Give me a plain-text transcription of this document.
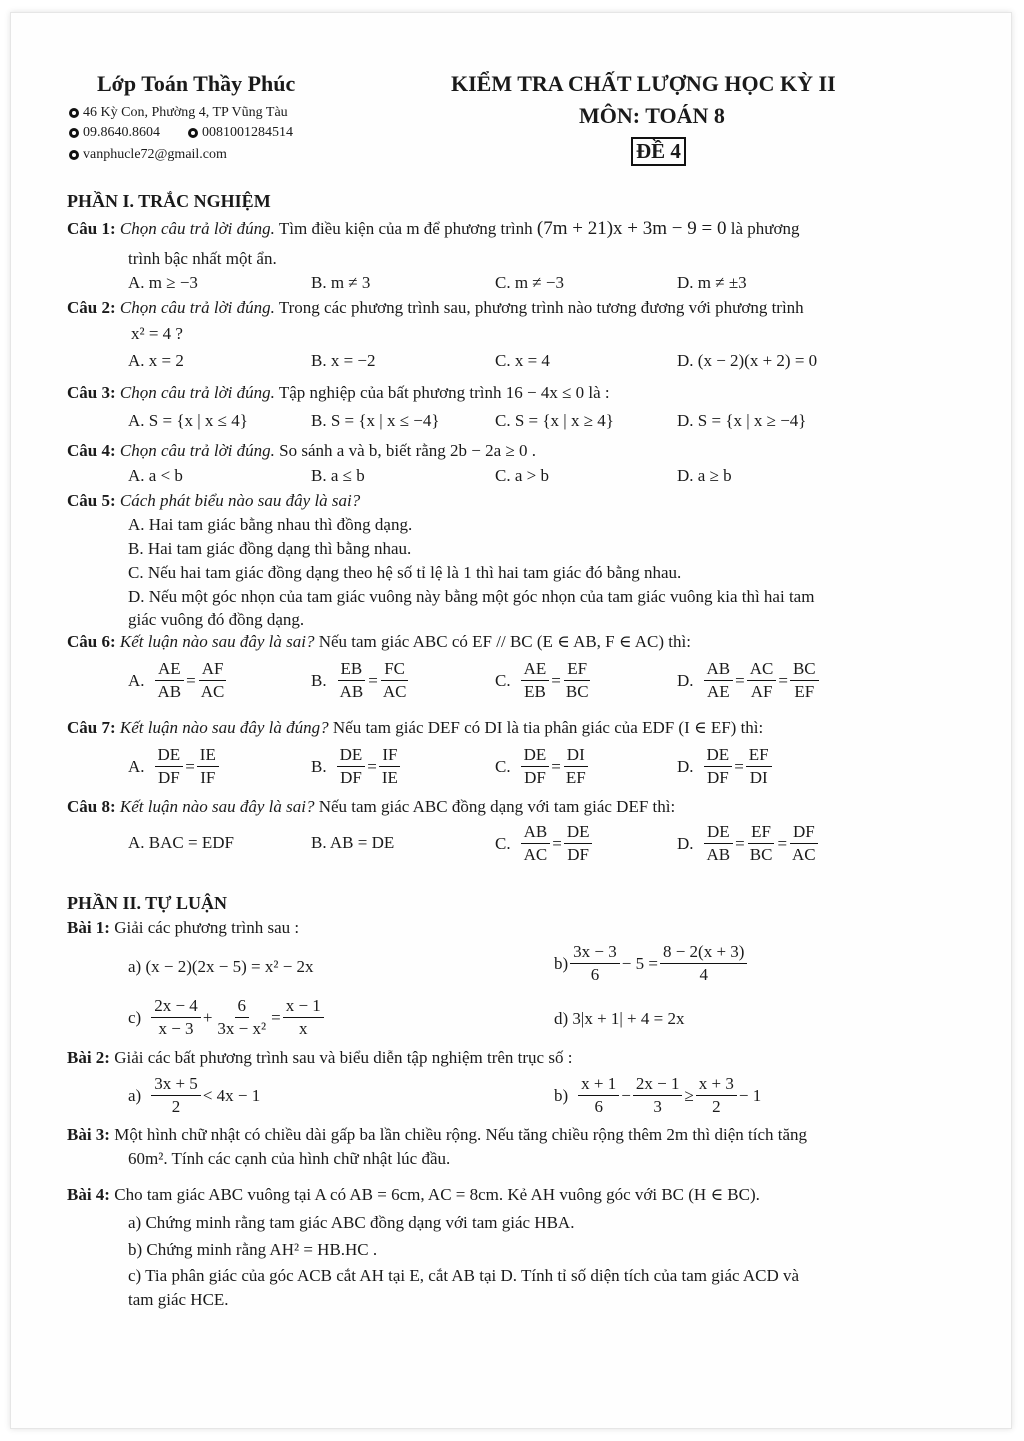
Lớp Toán Thầy Phúc
46 Kỳ Con, Phường 4, TP Vũng Tàu
09.8640.8604	0081001284514
vanphucle72@gmail.com
KIỂM TRA CHẤT LƯỢNG HỌC KỲ II
MÔN: TOÁN 8
ĐỀ 4
PHẦN I. TRẮC NGHIỆM
Câu 1: Chọn câu trả lời đúng. Tìm điều kiện của m để phương trình (7m + 21)x + 3m − 9 = 0 là phương
trình bậc nhất một ẩn.
A. m ≥ −3	B. m ≠ 3	C. m ≠ −3	D. m ≠ ±3
Câu 2: Chọn câu trả lời đúng. Trong các phương trình sau, phương trình nào tương đương với phương trình
x² = 4 ?
A. x = 2	B. x = −2	C. x = 4	D. (x − 2)(x + 2) = 0
Câu 3: Chọn câu trả lời đúng. Tập nghiệp của bất phương trình 16 − 4x ≤ 0 là :
A. S = {x | x ≤ 4}	B. S = {x | x ≤ −4}	C. S = {x | x ≥ 4}	D. S = {x | x ≥ −4}
Câu 4: Chọn câu trả lời đúng. So sánh a và b, biết rằng 2b − 2a ≥ 0 .
A. a < b	B. a ≤ b	C. a > b	D. a ≥ b
Câu 5: Cách phát biểu nào sau đây là sai?
A. Hai tam giác bằng nhau thì đồng dạng.
B. Hai tam giác đồng dạng thì bằng nhau.
C. Nếu hai tam giác đồng dạng theo hệ số tỉ lệ là 1 thì hai tam giác đó bằng nhau.
D. Nếu một góc nhọn của tam giác vuông này bằng một góc nhọn của tam giác vuông kia thì hai tam
giác vuông đó đồng dạng.
Câu 6: Kết luận nào sau đây là sai? Nếu tam giác ABC có EF // BC (E ∈ AB, F ∈ AC) thì:
A. $\frac{AE}{AB} = \frac{AF}{AC}$	B. $\frac{EB}{AB} = \frac{FC}{AC}$	C. $\frac{AE}{EB} = \frac{EF}{BC}$	D. $\frac{AB}{AE} = \frac{AC}{AF} = \frac{BC}{EF}$
Câu 7: Kết luận nào sau đây là đúng? Nếu tam giác DEF có DI là tia phân giác của EDF (I ∈ EF) thì:
A. $\frac{DE}{DF} = \frac{IE}{IF}$	B. $\frac{DE}{DF} = \frac{IF}{IE}$	C. $\frac{DE}{DF} = \frac{DI}{EF}$	D. $\frac{DE}{DF} = \frac{EF}{DI}$
Câu 8: Kết luận nào sau đây là sai? Nếu tam giác ABC đồng dạng với tam giác DEF thì:
A. BAC = EDF	B. AB = DE	C. $\frac{AB}{AC} = \frac{DE}{DF}$	D. $\frac{DE}{AB} = \frac{EF}{BC} = \frac{DF}{AC}$
PHẦN II. TỰ LUẬN
Bài 1: Giải các phương trình sau :
a) (x − 2)(2x − 5) = x² − 2x	$b) \frac{3x - 3}{6} - 5 = \frac{8 - 2(x + 3)}{4}$
$c) \frac{2x - 4}{x - 3} + \frac{6}{\text{3x − x²}} = \frac{x - 1}{x}$	d) 3|x + 1| + 4 = 2x
Bài 2: Giải các bất phương trình sau và biểu diễn tập nghiệm trên trục số :
$a) \frac{3x + 5}{2} < 4x - 1$	$b) \frac{x + 1}{6} - \frac{2x - 1}{3} \ge \frac{x + 3}{2} - 1$
Bài 3: Một hình chữ nhật có chiều dài gấp ba lần chiều rộng. Nếu tăng chiều rộng thêm 2m thì diện tích tăng
60m². Tính các cạnh của hình chữ nhật lúc đầu.
Bài 4: Cho tam giác ABC vuông tại A có AB = 6cm, AC = 8cm. Kẻ AH vuông góc với BC (H ∈ BC).
a) Chứng minh rằng tam giác ABC đồng dạng với tam giác HBA.
b) Chứng minh rằng AH² = HB.HC .
c) Tia phân giác của góc ACB cắt AH tại E, cắt AB tại D. Tính tỉ số diện tích của tam giác ACD và
tam giác HCE.
